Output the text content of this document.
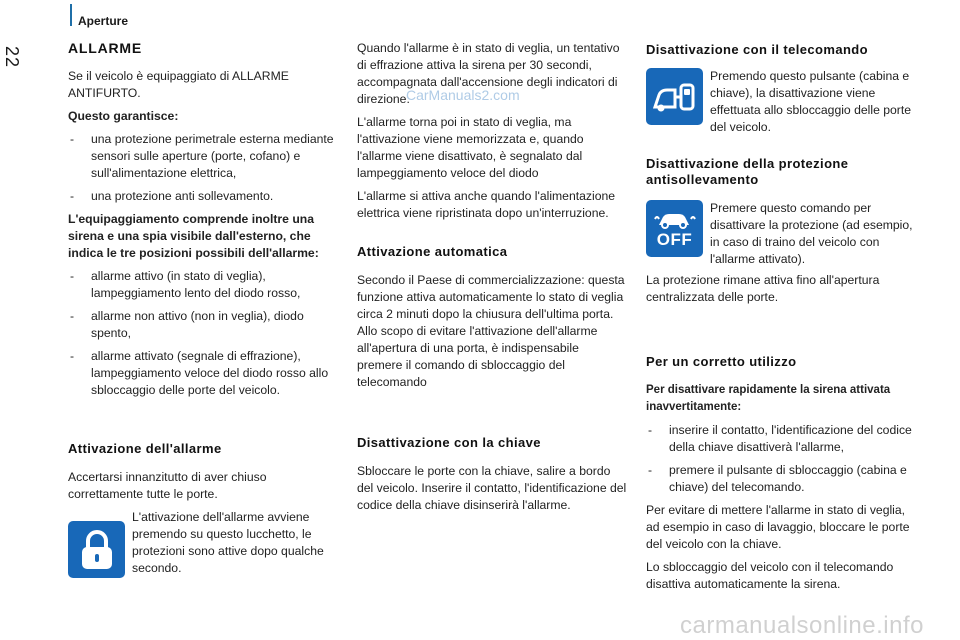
Aperture
22
CarManuals2.com
carmanualsonline.info
ALLARME

Se il veicolo è equipaggiato di ALLARME ANTIFURTO.

Questo garantisce:

- una protezione perimetrale esterna mediante sensori sulle aperture (porte, cofano) e sull'alimentazione elettrica,
- una protezione anti sollevamento.

L'equipaggiamento comprende inoltre una sirena e una spia visibile dall'esterno, che indica le tre posizioni possibili dell'allarme:

- allarme attivo (in stato di veglia), lampeggiamento lento del diodo rosso,
- allarme non attivo (non in veglia), diodo spento,
- allarme attivato (segnale di effrazione), lampeggiamento veloce del diodo rosso allo sbloccaggio delle porte del veicolo.
Attivazione dell'allarme

Accertarsi innanzitutto di aver chiuso correttamente tutte le porte.

L'attivazione dell'allarme avviene premendo su questo lucchetto, le protezioni sono attive dopo qualche secondo.

Quando l'allarme è in stato di veglia, un tentativo di effrazione attiva la sirena per 30 secondi, accompagnata dall'accensione degli indicatori di direzione.

L'allarme torna poi in stato di veglia, ma l'attivazione viene memorizzata e, quando l'allarme viene disattivato, è segnalato dal lampeggiamento veloce del diodo

L'allarme si attiva anche quando l'alimentazione elettrica viene ripristinata dopo un'interruzione.

Attivazione automatica

Secondo il Paese di commercializzazione: questa funzione attiva automaticamente lo stato di veglia circa 2 minuti dopo la chiusura dell'ultima porta. Allo scopo di evitare l'attivazione dell'allarme all'apertura di una porta, è indispensabile premere il comando di sbloccaggio del telecomando

Disattivazione con la chiave

Sbloccare le porte con la chiave, salire a bordo del veicolo. Inserire il contatto, l'identificazione del codice della chiave disinserirà l'allarme.

Disattivazione con il telecomando
Premendo questo pulsante (cabina e chiave), la disattivazione viene effettuata allo sbloccaggio delle porte del veicolo.
Disattivazione della protezione antisollevamento
OFF
Premere questo comando per disattivare la protezione (ad esempio, in caso di traino del veicolo con l'allarme attivato).

La protezione rimane attiva fino all'apertura centralizzata delle porte.

Per un corretto utilizzo

Per disattivare rapidamente la sirena attivata inavvertitamente:

- inserire il contatto, l'identificazione del codice della chiave disattiverà l'allarme,
- premere il pulsante di sbloccaggio (cabina e chiave) del telecomando.

Per evitare di mettere l'allarme in stato di veglia, ad esempio in caso di lavaggio, bloccare le porte del veicolo con la chiave.

Lo sbloccaggio del veicolo con il telecomando disattiva automaticamente la sirena.
